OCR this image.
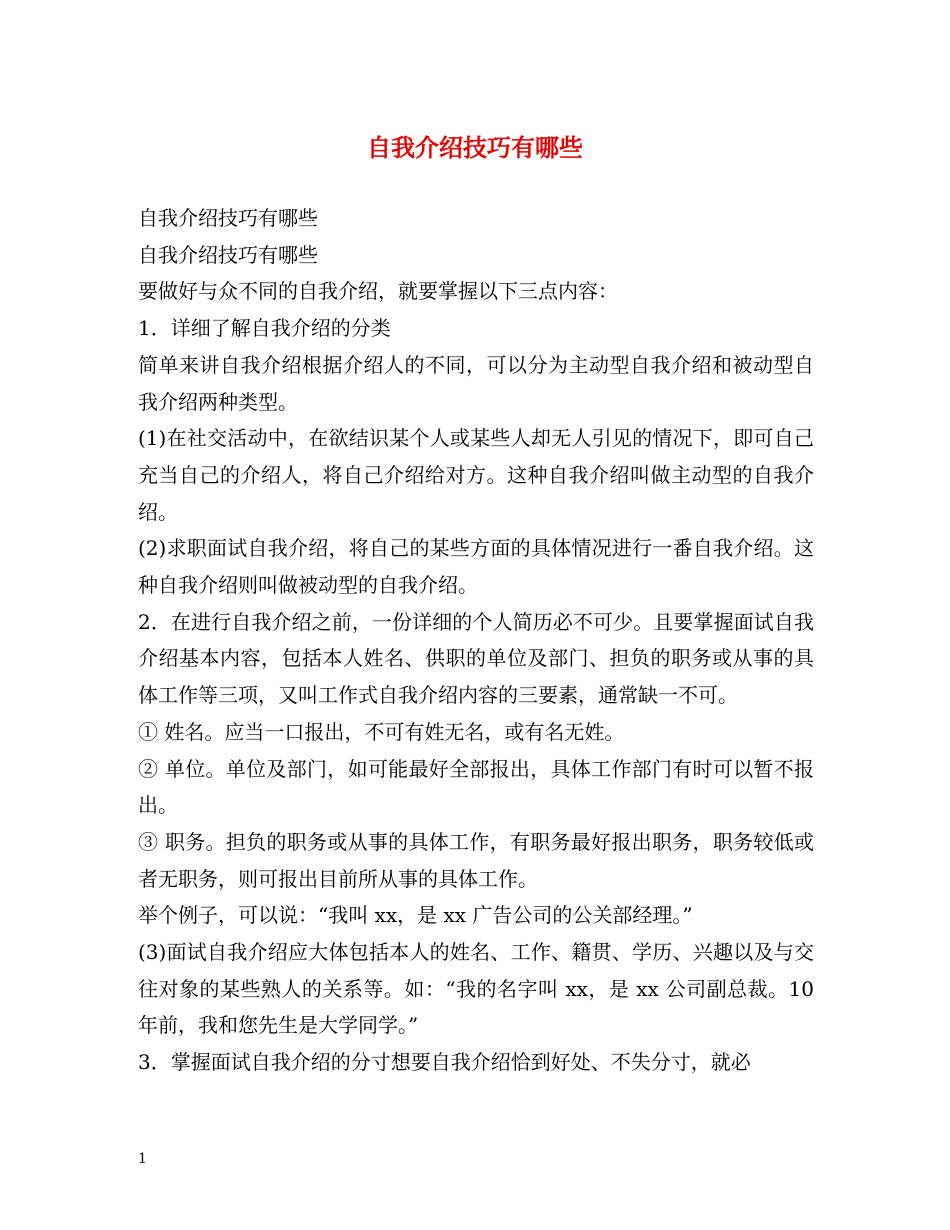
自我介绍技巧有哪些

自我介绍技巧有哪些

自我介绍技巧有哪些

要做好与众不同的自我介绍，就要掌握以下三点内容：

1．详细了解自我介绍的分类

简单来讲自我介绍根据介绍人的不同，可以分为主动型自我介绍和被动型自我介绍两种类型。

(1)在社交活动中，在欲结识某个人或某些人却无人引见的情况下，即可自己充当自己的介绍人，将自己介绍给对方。这种自我介绍叫做主动型的自我介绍。

(2)求职面试自我介绍，将自己的某些方面的具体情况进行一番自我介绍。这种自我介绍则叫做被动型的自我介绍。

2．在进行自我介绍之前，一份详细的个人简历必不可少。且要掌握面试自我介绍基本内容，包括本人姓名、供职的单位及部门、担负的职务或从事的具体工作等三项，又叫工作式自我介绍内容的三要素，通常缺一不可。

① 姓名。应当一口报出，不可有姓无名，或有名无姓。

② 单位。单位及部门，如可能最好全部报出，具体工作部门有时可以暂不报出。

③ 职务。担负的职务或从事的具体工作，有职务最好报出职务，职务较低或者无职务，则可报出目前所从事的具体工作。

举个例子，可以说：“我叫 xx，是 xx 广告公司的公关部经理。”

(3)面试自我介绍应大体包括本人的姓名、工作、籍贯、学历、兴趣以及与交往对象的某些熟人的关系等。如：“我的名字叫 xx，是 xx 公司副总裁。10 年前，我和您先生是大学同学。”

3．掌握面试自我介绍的分寸想要自我介绍恰到好处、不失分寸，就必

1
